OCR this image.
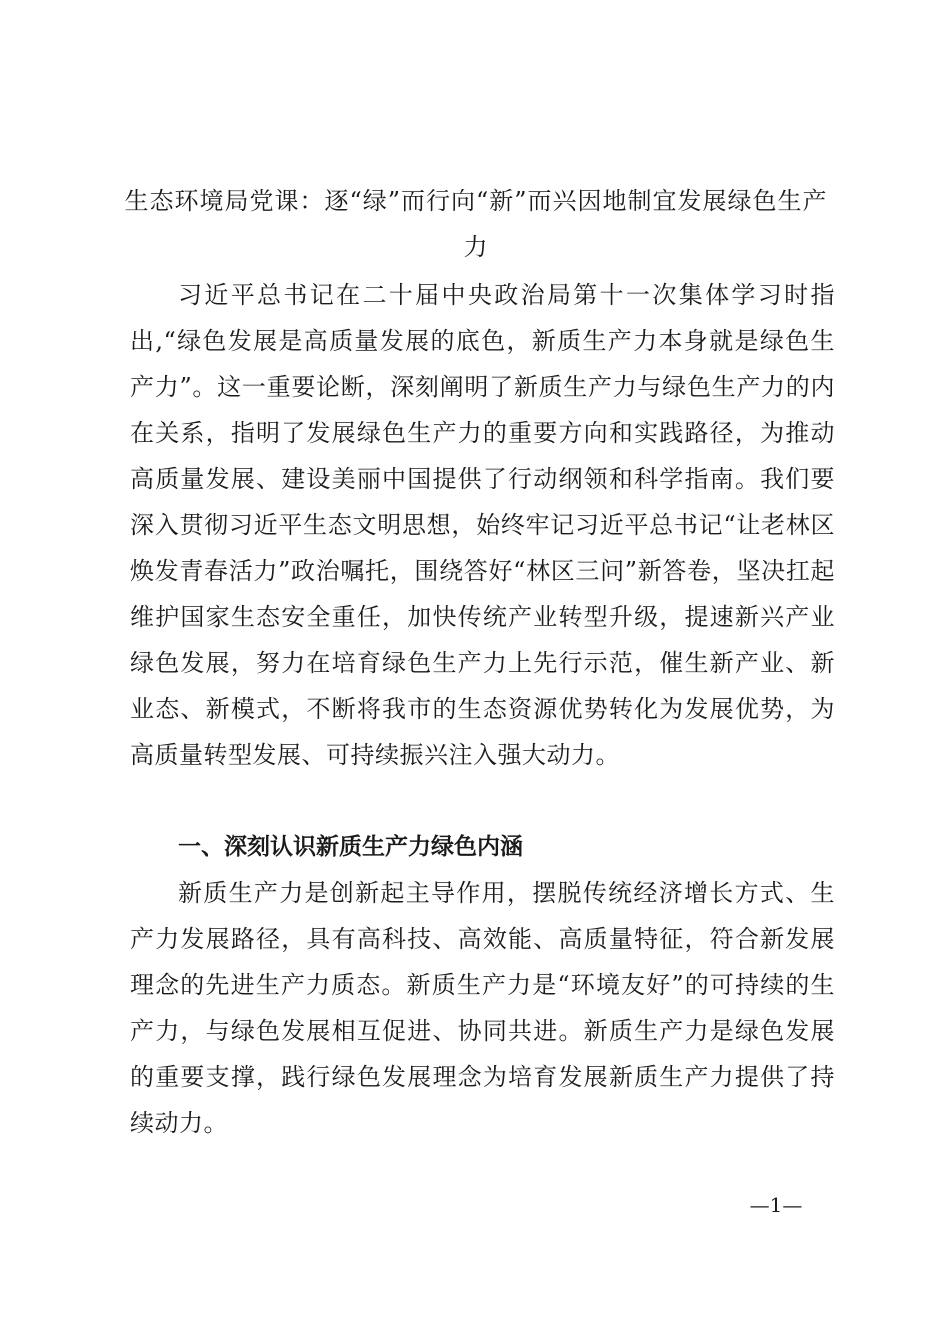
生态环境局党课：逐“绿”而行向“新”而兴因地制宜发展绿色生产力

习近平总书记在二十届中央政治局第十一次集体学习时指出,“绿色发展是高质量发展的底色，新质生产力本身就是绿色生产力”。这一重要论断，深刻阐明了新质生产力与绿色生产力的内在关系，指明了发展绿色生产力的重要方向和实践路径，为推动高质量发展、建设美丽中国提供了行动纲领和科学指南。我们要深入贯彻习近平生态文明思想，始终牢记习近平总书记“让老林区焕发青春活力”政治嘱托，围绕答好“林区三问”新答卷，坚决扛起维护国家生态安全重任，加快传统产业转型升级，提速新兴产业绿色发展，努力在培育绿色生产力上先行示范，催生新产业、新业态、新模式，不断将我市的生态资源优势转化为发展优势，为高质量转型发展、可持续振兴注入强大动力。

一、深刻认识新质生产力绿色内涵

新质生产力是创新起主导作用，摆脱传统经济增长方式、生产力发展路径，具有高科技、高效能、高质量特征，符合新发展理念的先进生产力质态。新质生产力是“环境友好”的可持续的生产力，与绿色发展相互促进、协同共进。新质生产力是绿色发展的重要支撑，践行绿色发展理念为培育发展新质生产力提供了持续动力。

—1—
